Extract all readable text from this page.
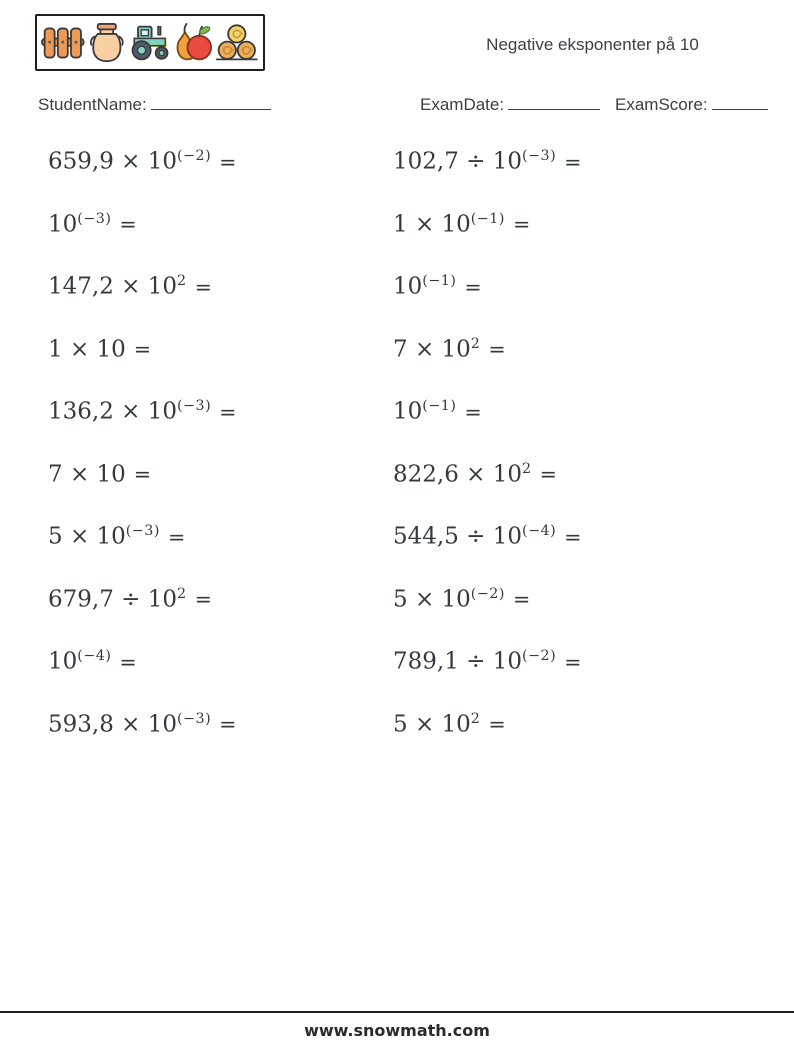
Negative eksponenter på 10
StudentName:	ExamDate:	ExamScore:
$659,9 \times 10^{(-2)}$ =	$102,7 \div 10^{(-3)}$ =
$10^{(-3)}$ =	$1 \times 10^{(-1)}$ =
$147,2 \times 10^2$ =	$10^{(-1)}$ =
1 × 10 =	$7 \times 10^2$ =
$136,2 \times 10^{(-3)}$ =	$10^{(-1)}$ =
7 × 10 =	$822,6 \times 10^2$ =
$5 \times 10^{(-3)}$ =	$544,5 \div 10^{(-4)}$ =
$679,7 \div 10^2$ =	$5 \times 10^{(-2)}$ =
$10^{(-4)}$ =	$789,1 \div 10^{(-2)}$ =
$593,8 \times 10^{(-3)}$ =	$5 \times 10^2$ =
www.snowmath.com
